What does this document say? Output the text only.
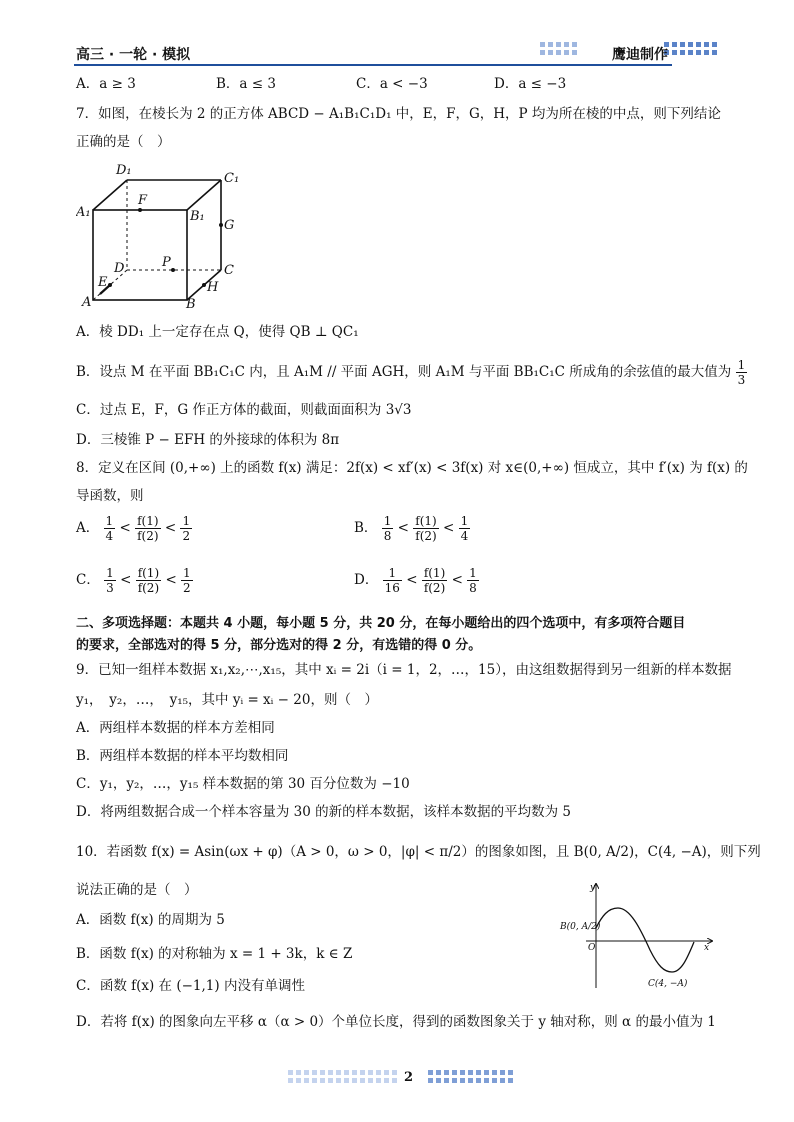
高三 · 一轮 · 模拟	鹰迪制作
A．a ≥ 3	B．a ≤ 3	C．a < −3	D．a ≤ −3
7．如图，在棱长为 2 的正方体 ABCD − A₁B₁C₁D₁ 中，E，F，G，H，P 均为所在棱的中点，则下列结论
正确的是（　）
D₁
C₁
A₁
F
B₁
G
D	P
C
E	H
A	B
A．棱 DD₁ 上一定存在点 Q，使得 QB ⊥ QC₁
B．设点 M 在平面 BB₁C₁C 内，且 A₁M // 平面 AGH，则 A₁M 与平面 BB₁C₁C 所成角的余弦值的最大值为 $\frac{1}{3}$
C．过点 E，F，G 作正方体的截面，则截面面积为 3√3
D．三棱锥 P − EFH 的外接球的体积为 8π
8．定义在区间 (0,+∞) 上的函数 f(x) 满足：2f(x) < xf′(x) < 3f(x) 对 x∈(0,+∞) 恒成立，其中 f′(x) 为 f(x) 的
导函数，则
A． $\frac{1}{4} < \frac{f(1)}{f(2)} < \frac{1}{2}$	B． $\frac{1}{8} < \frac{f(1)}{f(2)} < \frac{1}{4}$
C． $\frac{1}{3} < \frac{f(1)}{f(2)} < \frac{1}{2}$	D． $\frac{1}{16} < \frac{f(1)}{f(2)} < \frac{1}{8}$
二、多项选择题：本题共 4 小题，每小题 5 分，共 20 分，在每小题给出的四个选项中，有多项符合题目
的要求，全部选对的得 5 分，部分选对的得 2 分，有选错的得 0 分。
9．已知一组样本数据 x₁,x₂,⋯,x₁₅，其中 xᵢ = 2i（i = 1，2，…，15），由这组数据得到另一组新的样本数据
y₁，　y₂，…，　y₁₅，其中 yᵢ = xᵢ − 20，则（　）
A．两组样本数据的样本方差相同
B．两组样本数据的样本平均数相同
C．y₁，y₂，…，y₁₅ 样本数据的第 30 百分位数为 −10
D．将两组数据合成一个样本容量为 30 的新的样本数据，该样本数据的平均数为 5
10．若函数 f(x) = Asin(ωx + φ)（A > 0，ω > 0，|φ| < π/2）的图象如图，且 B(0, A/2)，C(4, −A)，则下列
说法正确的是（　）
A．函数 f(x) 的周期为 5
B．函数 f(x) 的对称轴为 x = 1 + 3k，k ∈ Z
C．函数 f(x) 在 (−1,1) 内没有单调性
D．若将 f(x) 的图象向左平移 α（α > 0）个单位长度，得到的函数图象关于 y 轴对称，则 α 的最小值为 1
y
x
O
B(0, A/2)
C(4, −A)
2
